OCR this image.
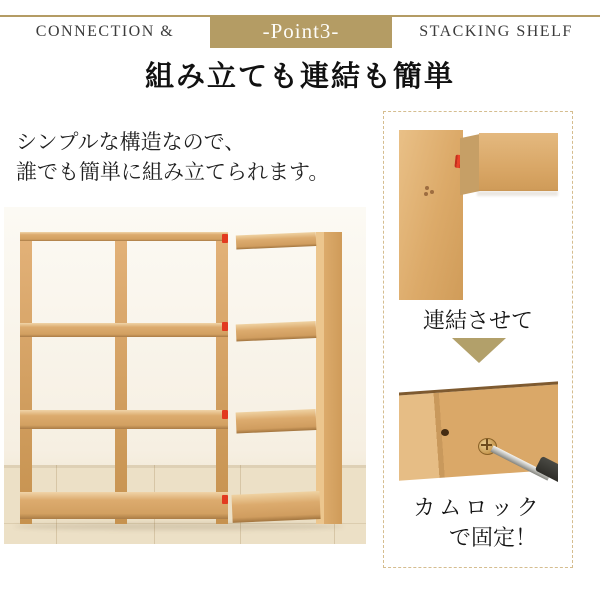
CONNECTION &	-Point3-	STACKING SHELF
組み立ても連結も簡単
シンプルな構造なので、
誰でも簡単に組み立てられます。
連結させて
カムロック
で固定！
